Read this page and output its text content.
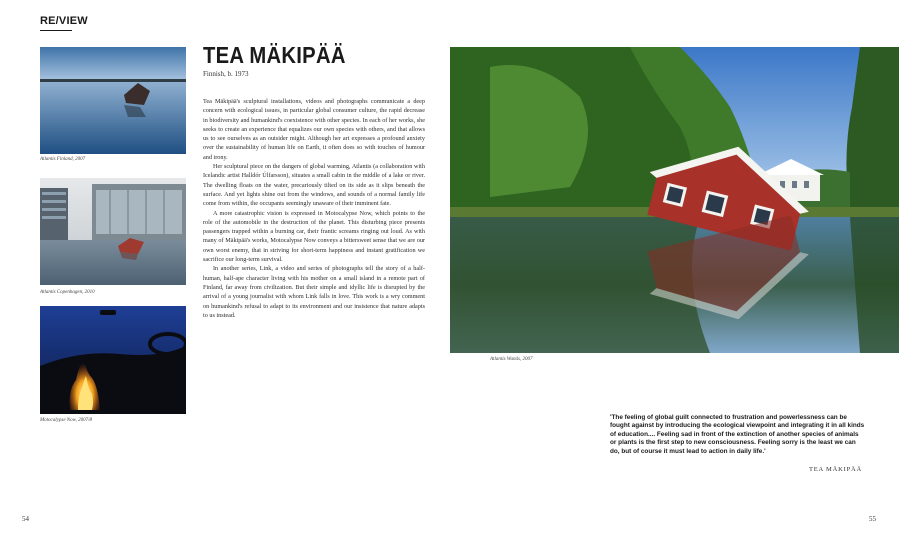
RE/VIEW
Atlantis Finland, 2007
Atlantis Copenhagen, 2010
Motocalypse Now, 2007/8
TEA MÄKIPÄÄ
Finnish, b. 1973

Tea Mäkipää's sculptural installations, videos and photographs communicate a deep concern with ecological issues, in particular global consumer culture, the rapid decrease in biodiversity and humankind's coexistence with other species. In each of her works, she seeks to create an experience that equalizes our own species with others, and that allows us to see ourselves as an outsider might. Although her art expresses a profound anxiety over the sustainability of human life on Earth, it often does so with touches of humour and irony.

Her sculptural piece on the dangers of global warming, Atlantis (a collaboration with Icelandic artist Halldór Úlfarsson), situates a small cabin in the middle of a lake or river. The dwelling floats on the water, precariously tilted on its side as it slips beneath the surface. And yet lights shine out from the windows, and sounds of a normal family life come from within, the occupants seemingly unaware of their imminent fate.

A more catastrophic vision is expressed in Motocalypse Now, which points to the role of the automobile in the destruction of the planet. This disturbing piece presents passengers trapped within a burning car, their frantic screams ringing out loud. As with many of Mäkipää's works, Motocalypse Now conveys a bittersweet sense that we are our own worst enemy, that in striving for short-term happiness and instant gratification we sacrifice our long-term survival.

In another series, Link, a video and series of photographs tell the story of a half-human, half-ape character living with his mother on a small island in a remote part of Finland, far away from civilization. But their simple and idyllic life is disrupted by the arrival of a young journalist with whom Link falls in love. This work is a wry comment on humankind's refusal to adapt to its environment and our insistence that nature adapts to us instead.

54
Atlantis Wanås, 2007
55
'The feeling of global guilt connected to frustration and powerlessness can be fought against by introducing the ecological viewpoint and integrating it in all kinds of education.... Feeling sad in front of the extinction of another species of animals or plants is the first step to new consciousness. Feeling sorry is the least we can do, but of course it must lead to action in daily life.'
TEA MÄKIPÄÄ
